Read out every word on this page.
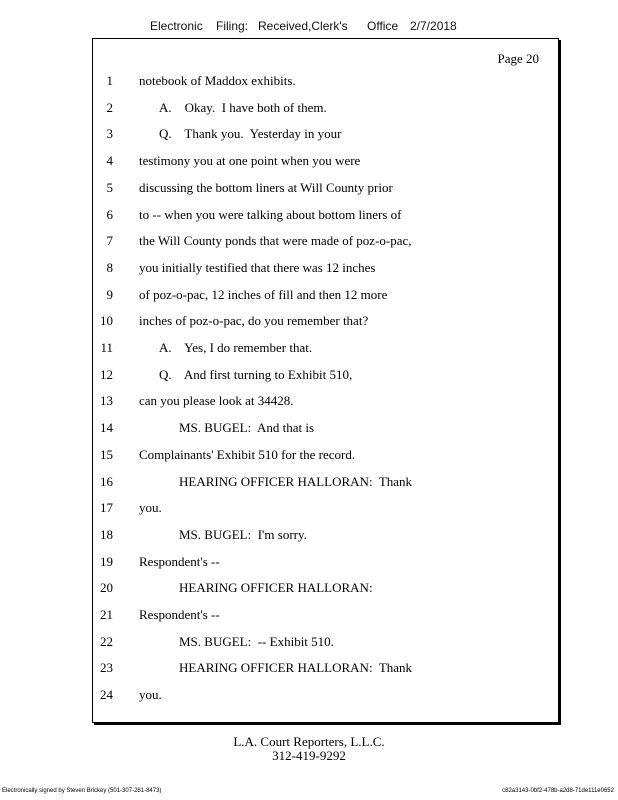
Electronic Filing: Received,Clerk's Office 2/7/2018
Page 20
1 notebook of Maddox exhibits.
2	A.    Okay.  I have both of them.
3	Q.    Thank you.  Yesterday in your
4 testimony you at one point when you were
5 discussing the bottom liners at Will County prior
6 to -- when you were talking about bottom liners of
7 the Will County ponds that were made of poz-o-pac,
8 you initially testified that there was 12 inches
9 of poz-o-pac, 12 inches of fill and then 12 more
10 inches of poz-o-pac, do you remember that?
11	A.    Yes, I do remember that.
12	Q.    And first turning to Exhibit 510,
13 can you please look at 34428.
14	MS. BUGEL:  And that is
15 Complainants' Exhibit 510 for the record.
16	HEARING OFFICER HALLORAN:  Thank
17 you.
18	MS. BUGEL:  I'm sorry.
19 Respondent's --
20	HEARING OFFICER HALLORAN:
21 Respondent's --
22	MS. BUGEL:  -- Exhibit 510.
23	HEARING OFFICER HALLORAN:  Thank
24 you.
L.A. Court Reporters, L.L.C.
312-419-9292
Electronically signed by Steven Brickey (501-307-281-8473)	c82a3143-0bf2-478b-a2d8-71de111e0652
